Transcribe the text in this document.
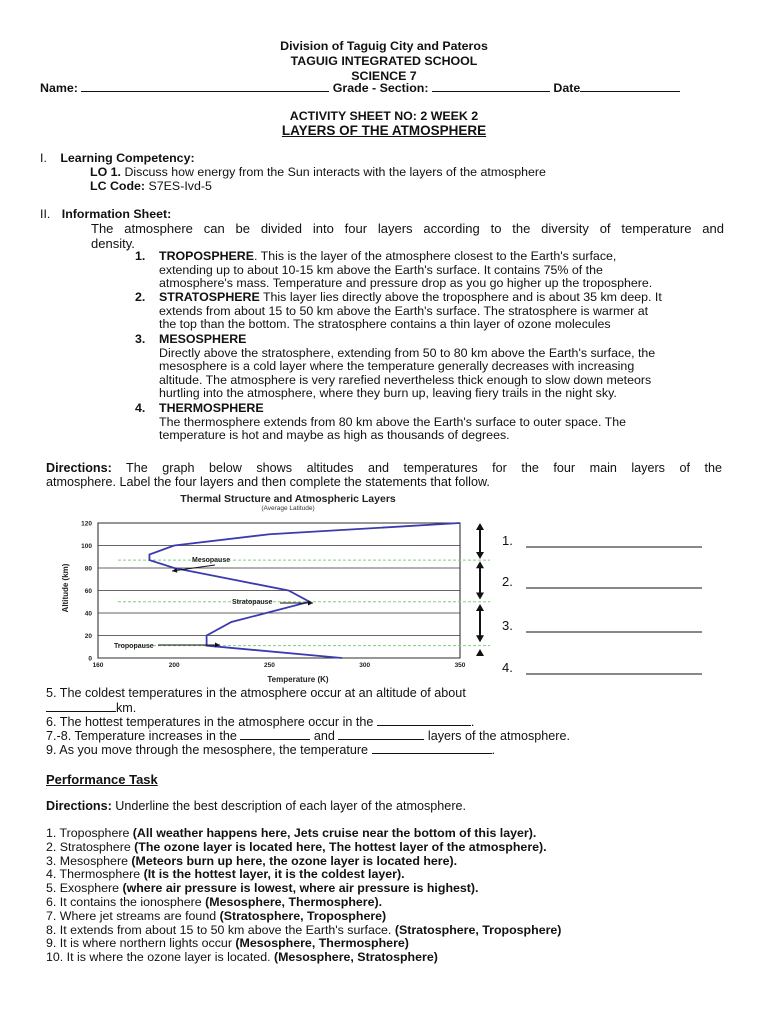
Division of Taguig City and Pateros
TAGUIG INTEGRATED SCHOOL
SCIENCE 7
Name:	Grade - Section:	Date
ACTIVITY SHEET NO: 2 WEEK 2
LAYERS OF THE ATMOSPHERE
I. Learning Competency:
LO 1. Discuss how energy from the Sun interacts with the layers of the atmosphere
LC Code: S7ES-Ivd-5
II. Information Sheet:
The atmosphere can be divided into four layers according to the diversity of temperature and
density.
1. TROPOSPHERE. This is the layer of the atmosphere closest to the Earth's surface,
extending up to about 10-15 km above the Earth's surface. It contains 75% of the
atmosphere's mass. Temperature and pressure drop as you go higher up the troposphere.
2. STRATOSPHERE This layer lies directly above the troposphere and is about 35 km deep. It
extends from about 15 to 50 km above the Earth's surface. The stratosphere is warmer at
the top than the bottom. The stratosphere contains a thin layer of ozone molecules
3. MESOSPHERE
Directly above the stratosphere, extending from 50 to 80 km above the Earth's surface, the
mesosphere is a cold layer where the temperature generally decreases with increasing
altitude. The atmosphere is very rarefied nevertheless thick enough to slow down meteors
hurtling into the atmosphere, where they burn up, leaving fiery trails in the night sky.
4. THERMOSPHERE
The thermosphere extends from 80 km above the Earth's surface to outer space. The
temperature is hot and maybe as high as thousands of degrees.
Directions: The graph below shows altitudes and temperatures for the four main layers of the
atmosphere. Label the four layers and then complete the statements that follow.
Thermal Structure and Atmospheric Layers
(Average Latitude)
0
20
40
60
80
100
120
160	200	250	300	350
Altitude (km)
Temperature (K)
Mesopause
Stratopause
Tropopause
1.
2.
3.
4.
5. The coldest temperatures in the atmosphere occur at an altitude of about
km.
6. The hottest temperatures in the atmosphere occur in the	.
7.-8. Temperature increases in the	and	layers of the atmosphere.
9. As you move through the mesosphere, the temperature	.
Performance Task
Directions: Underline the best description of each layer of the atmosphere.
1. Troposphere (All weather happens here, Jets cruise near the bottom of this layer).
2. Stratosphere (The ozone layer is located here, The hottest layer of the atmosphere).
3. Mesosphere (Meteors burn up here, the ozone layer is located here).
4. Thermosphere (It is the hottest layer, it is the coldest layer).
5. Exosphere (where air pressure is lowest, where air pressure is highest).
6. It contains the ionosphere (Mesosphere, Thermosphere).
7. Where jet streams are found (Stratosphere, Troposphere)
8. It extends from about 15 to 50 km above the Earth's surface. (Stratosphere, Troposphere)
9. It is where northern lights occur (Mesosphere, Thermosphere)
10. It is where the ozone layer is located. (Mesosphere, Stratosphere)
